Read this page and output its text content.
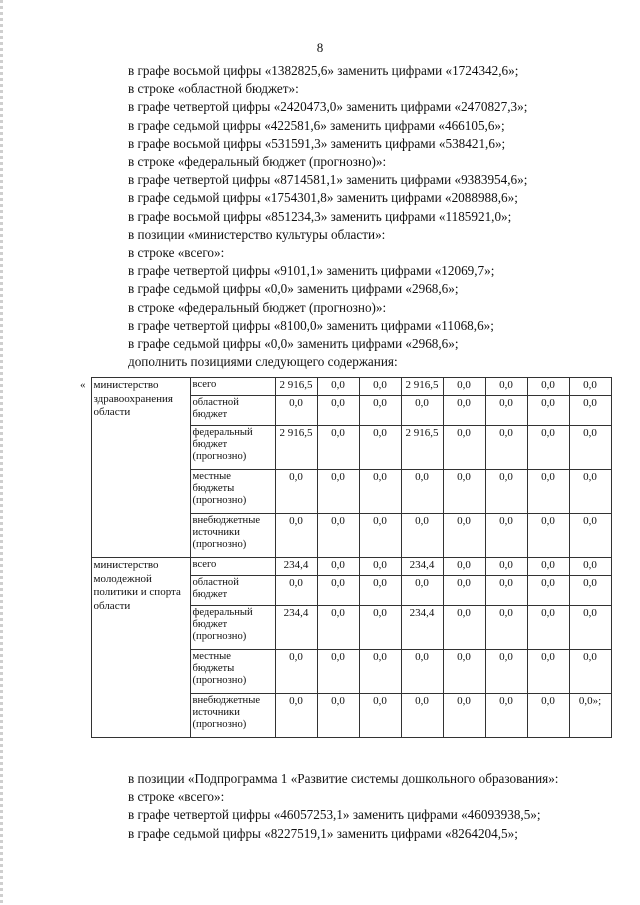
8
в графе восьмой цифры «1382825,6» заменить цифрами «1724342,6»;
в строке «областной бюджет»:
в графе четвертой цифры «2420473,0» заменить цифрами «2470827,3»;
в графе седьмой цифры «422581,6» заменить цифрами «466105,6»;
в графе восьмой цифры «531591,3» заменить цифрами «538421,6»;
в строке «федеральный бюджет (прогнозно)»:
в графе четвертой цифры «8714581,1» заменить цифрами «9383954,6»;
в графе седьмой цифры «1754301,8» заменить цифрами «2088988,6»;
в графе восьмой цифры «851234,3» заменить цифрами «1185921,0»;
в позиции «министерство культуры области»:
в строке «всего»:
в графе четвертой цифры «9101,1» заменить цифрами «12069,7»;
в графе седьмой цифры «0,0» заменить цифрами «2968,6»;
в строке «федеральный бюджет (прогнозно)»:
в графе четвертой цифры «8100,0» заменить цифрами «11068,6»;
в графе седьмой цифры «0,0» заменить цифрами «2968,6»;
дополнить позициями следующего содержания:
«	министерство здравоохранения области	всего	2 916,5	0,0	0,0	2 916,5	0,0	0,0	0,0	0,0
		областной бюджет	0,0	0,0	0,0	0,0	0,0	0,0	0,0	0,0
		федеральный бюджет (прогнозно)	2 916,5	0,0	0,0	2 916,5	0,0	0,0	0,0	0,0
		местные бюджеты (прогнозно)	0,0	0,0	0,0	0,0	0,0	0,0	0,0	0,0
		внебюджетные источники (прогнозно)	0,0	0,0	0,0	0,0	0,0	0,0	0,0	0,0
	министерство молодежной политики и спорта области	всего	234,4	0,0	0,0	234,4	0,0	0,0	0,0	0,0
		областной бюджет	0,0	0,0	0,0	0,0	0,0	0,0	0,0	0,0
		федеральный бюджет (прогнозно)	234,4	0,0	0,0	234,4	0,0	0,0	0,0	0,0
		местные бюджеты (прогнозно)	0,0	0,0	0,0	0,0	0,0	0,0	0,0	0,0
		внебюджетные источники (прогнозно)	0,0	0,0	0,0	0,0	0,0	0,0	0,0	0,0»;
в позиции «Подпрограмма 1 «Развитие системы дошкольного образования»:
в строке «всего»:
в графе четвертой цифры «46057253,1» заменить цифрами «46093938,5»;
в графе седьмой цифры «8227519,1» заменить цифрами «8264204,5»;
